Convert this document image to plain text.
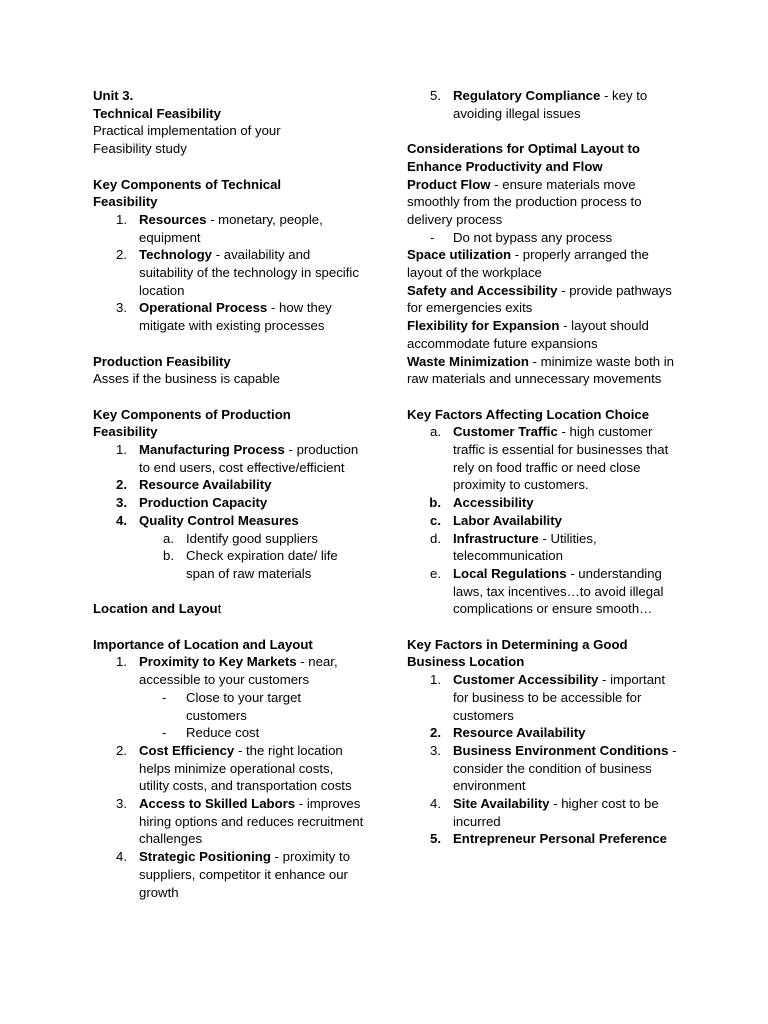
Unit 3.
Technical Feasibility
Practical implementation of your
Feasibility study
Key Components of Technical
Feasibility
1. Resources - monetary, people, equipment
2. Technology - availability and suitability of the technology in specific location
3. Operational Process - how they mitigate with existing processes
Production Feasibility
Asses if the business is capable
Key Components of Production
Feasibility
1. Manufacturing Process - production to end users, cost effective/efficient
2. Resource Availability
3. Production Capacity
4. Quality Control Measures
a. Identify good suppliers
b. Check expiration date/ life span of raw materials
Location and Layout
Importance of Location and Layout
1. Proximity to Key Markets - near, accessible to your customers
- Close to your target customers
- Reduce cost
2. Cost Efficiency - the right location helps minimize operational costs, utility costs, and transportation costs
3. Access to Skilled Labors - improves hiring options and reduces recruitment challenges
4. Strategic Positioning - proximity to suppliers, competitor it enhance our growth
5. Regulatory Compliance - key to avoiding illegal issues
Considerations for Optimal Layout to Enhance Productivity and Flow
Product Flow - ensure materials move smoothly from the production process to delivery process
- Do not bypass any process
Space utilization - properly arranged the layout of the workplace
Safety and Accessibility - provide pathways for emergencies exits
Flexibility for Expansion - layout should accommodate future expansions
Waste Minimization - minimize waste both in raw materials and unnecessary movements
Key Factors Affecting Location Choice
a. Customer Traffic - high customer traffic is essential for businesses that rely on food traffic or need close proximity to customers.
b. Accessibility
c. Labor Availability
d. Infrastructure - Utilities, telecommunication
e. Local Regulations - understanding laws, tax incentives…to avoid illegal complications or ensure smooth…
Key Factors in Determining a Good Business Location
1. Customer Accessibility - important for business to be accessible for customers
2. Resource Availability
3. Business Environment Conditions - consider the condition of business environment
4. Site Availability - higher cost to be incurred
5. Entrepreneur Personal Preference
